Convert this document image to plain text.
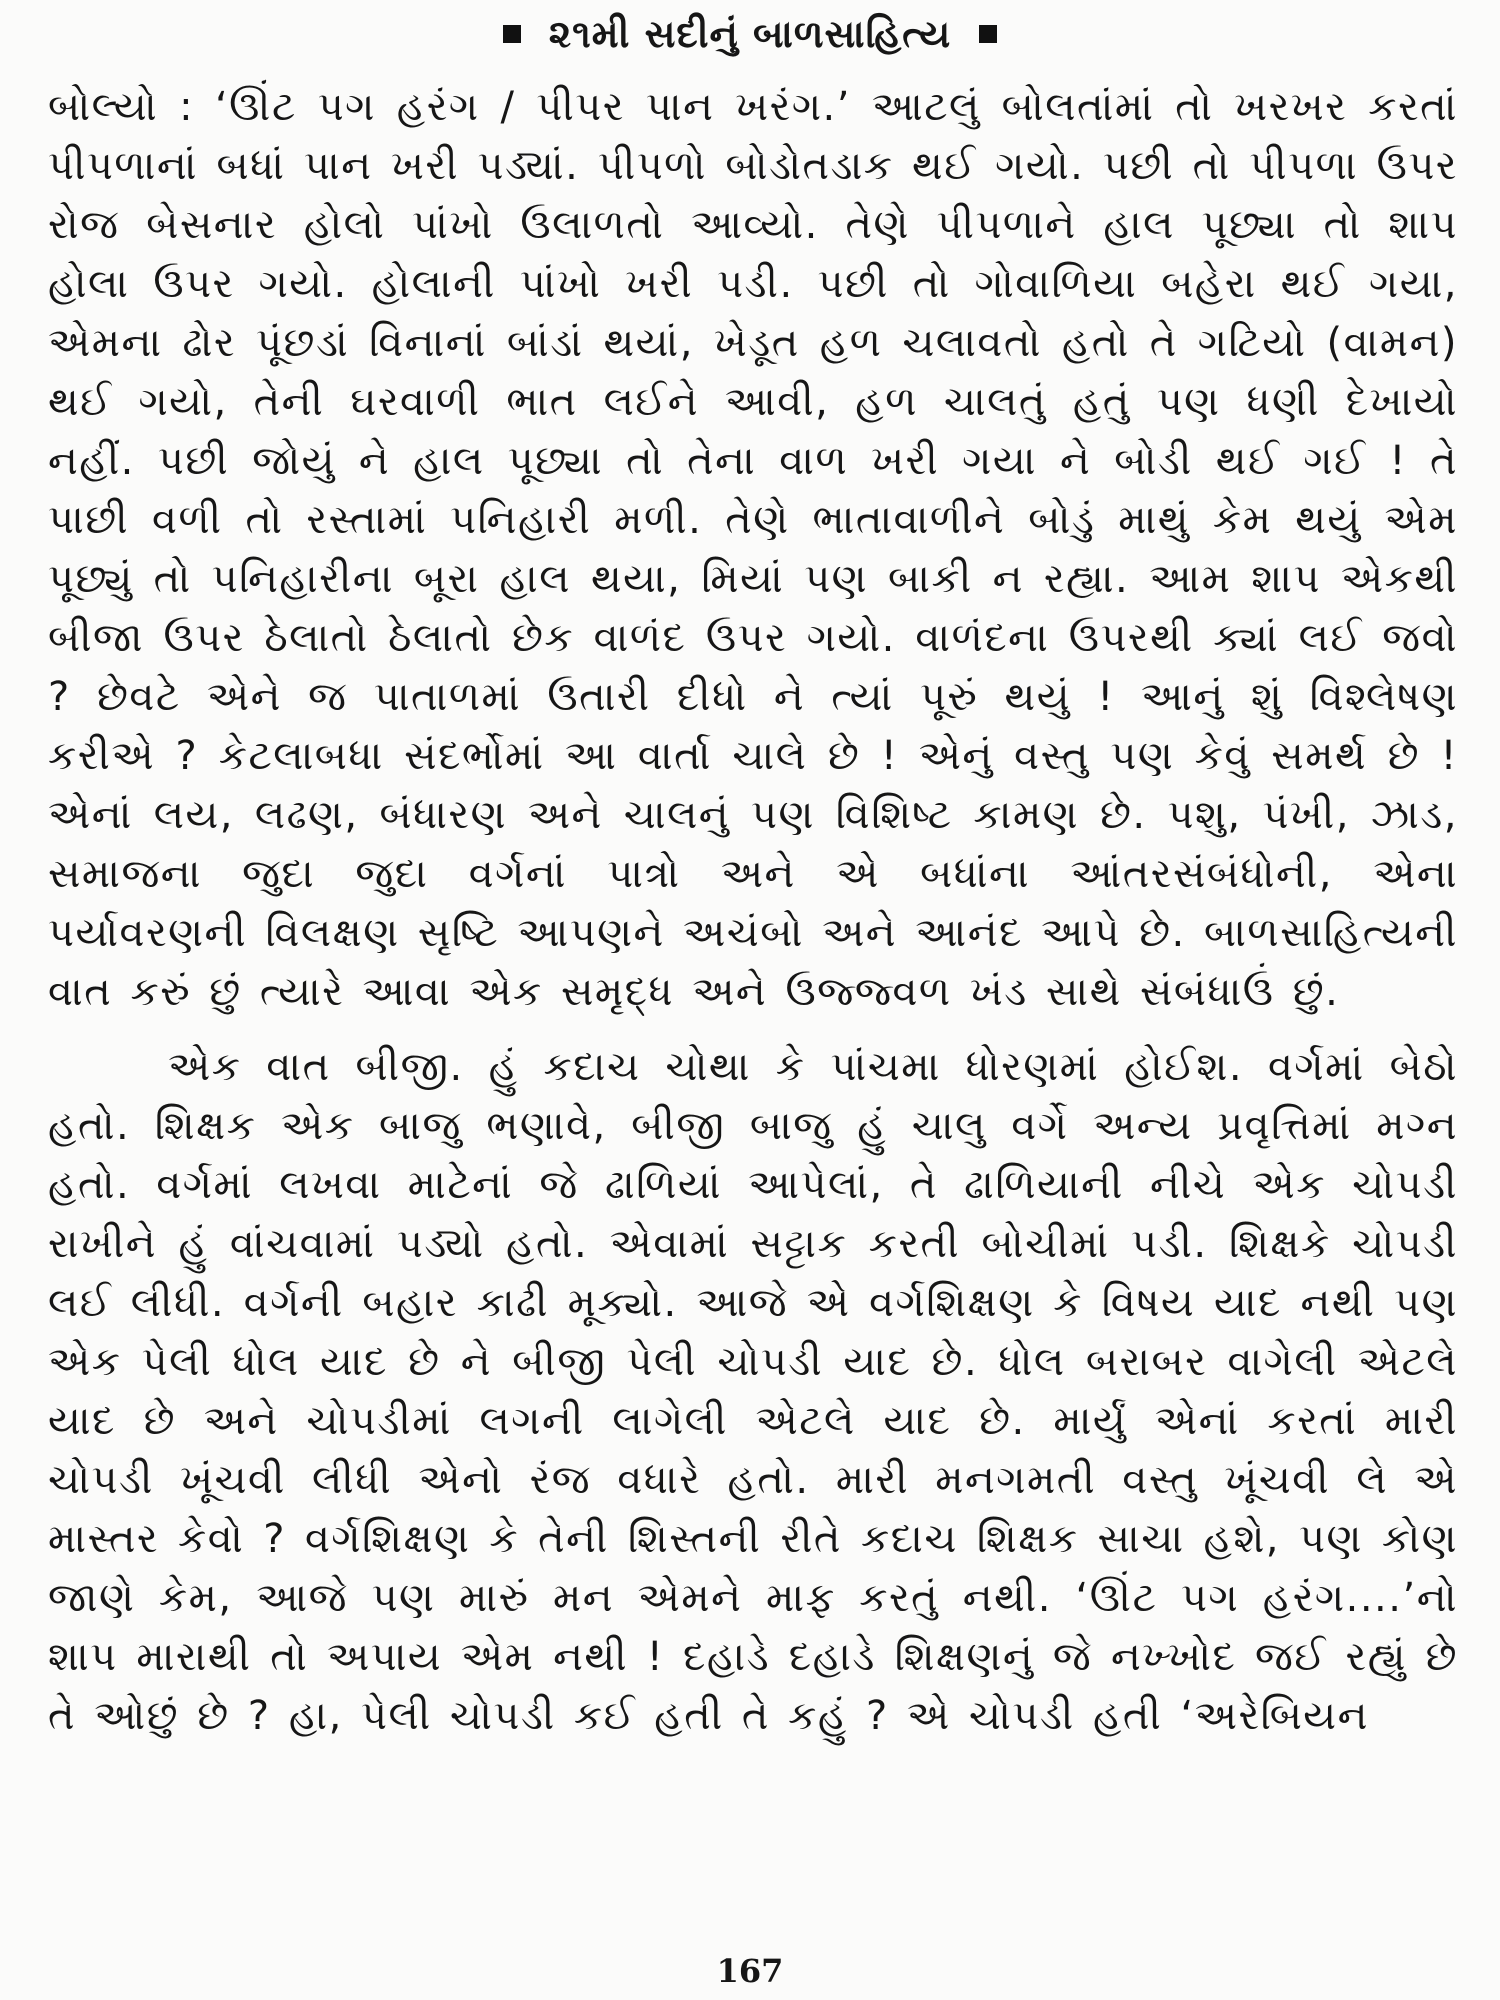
૨૧મી સદીનું બાળસાહિત્ય

બોલ્યો : ‘ઊંટ પગ હરંગ / પીપર પાન ખરંગ.’ આટલું બોલતાંમાં તો ખરખર કરતાં પીપળાનાં બધાં પાન ખરી પડ્યાં. પીપળો બોડોતડાક થઈ ગયો. પછી તો પીપળા ઉપર રોજ બેસનાર હોલો પાંખો ઉલાળતો આવ્યો. તેણે પીપળાને હાલ પૂછ્યા તો શાપ હોલા ઉપર ગયો. હોલાની પાંખો ખરી પડી. પછી તો ગોવાળિયા બહેરા થઈ ગયા, એમના ઢોર પૂંછડાં વિનાનાં બાંડાં થયાં, ખેડૂત હળ ચલાવતો હતો તે ગટિયો (વામન) થઈ ગયો, તેની ઘરવાળી ભાત લઈને આવી, હળ ચાલતું હતું પણ ધણી દેખાયો નહીં. પછી જોયું ને હાલ પૂછ્યા તો તેના વાળ ખરી ગયા ને બોડી થઈ ગઈ ! તે પાછી વળી તો રસ્તામાં પનિહારી મળી. તેણે ભાતાવાળીને બોડું માથું કેમ થયું એમ પૂછ્યું તો પનિહારીના બૂરા હાલ થયા, મિયાં પણ બાકી ન રહ્યા. આમ શાપ એકથી બીજા ઉપર ઠેલાતો ઠેલાતો છેક વાળંદ ઉપર ગયો. વાળંદના ઉપરથી ક્યાં લઈ જવો ? છેવટે એને જ પાતાળમાં ઉતારી દીધો ને ત્યાં પૂરું થયું ! આનું શું વિશ્લેષણ કરીએ ? કેટલાબધા સંદર્ભોમાં આ વાર્તા ચાલે છે ! એનું વસ્તુ પણ કેવું સમર્થ છે ! એનાં લય, લઢણ, બંધારણ અને ચાલનું પણ વિશિષ્ટ કામણ છે. પશુ, પંખી, ઝાડ, સમાજના જુદા જુદા વર્ગનાં પાત્રો અને એ બધાંના આંતરસંબંધોની, એના પર્યાવરણની વિલક્ષણ સૃષ્ટિ આપણને અચંબો અને આનંદ આપે છે. બાળસાહિત્યની વાત કરું છું ત્યારે આવા એક સમૃદ્ધ અને ઉજ્જ્વળ ખંડ સાથે સંબંધાઉં છું.

એક વાત બીજી. હું કદાચ ચોથા કે પાંચમા ધોરણમાં હોઈશ. વર્ગમાં બેઠો હતો. શિક્ષક એક બાજુ ભણાવે, બીજી બાજુ હું ચાલુ વર્ગે અન્ય પ્રવૃત્તિમાં મગ્ન હતો. વર્ગમાં લખવા માટેનાં જે ઢાળિયાં આપેલાં, તે ઢાળિયાની નીચે એક ચોપડી રાખીને હું વાંચવામાં પડ્યો હતો. એવામાં સટ્ટાક કરતી બોચીમાં પડી. શિક્ષકે ચોપડી લઈ લીધી. વર્ગની બહાર કાઢી મૂક્યો. આજે એ વર્ગશિક્ષણ કે વિષય યાદ નથી પણ એક પેલી ધોલ યાદ છે ને બીજી પેલી ચોપડી યાદ છે. ધોલ બરાબર વાગેલી એટલે યાદ છે અને ચોપડીમાં લગની લાગેલી એટલે યાદ છે. માર્યું એનાં કરતાં મારી ચોપડી ખૂંચવી લીધી એનો રંજ વધારે હતો. મારી મનગમતી વસ્તુ ખૂંચવી લે એ માસ્તર કેવો ? વર્ગશિક્ષણ કે તેની શિસ્તની રીતે કદાચ શિક્ષક સાચા હશે, પણ કોણ જાણે કેમ, આજે પણ મારું મન એમને માફ કરતું નથી. ‘ઊંટ પગ હરંગ....’નો શાપ મારાથી તો અપાય એમ નથી ! દહાડે દહાડે શિક્ષણનું જે નખ્ખોદ જઈ રહ્યું છે તે ઓછું છે ? હા, પેલી ચોપડી કઈ હતી તે કહું ? એ ચોપડી હતી ‘અરેબિયન

167
